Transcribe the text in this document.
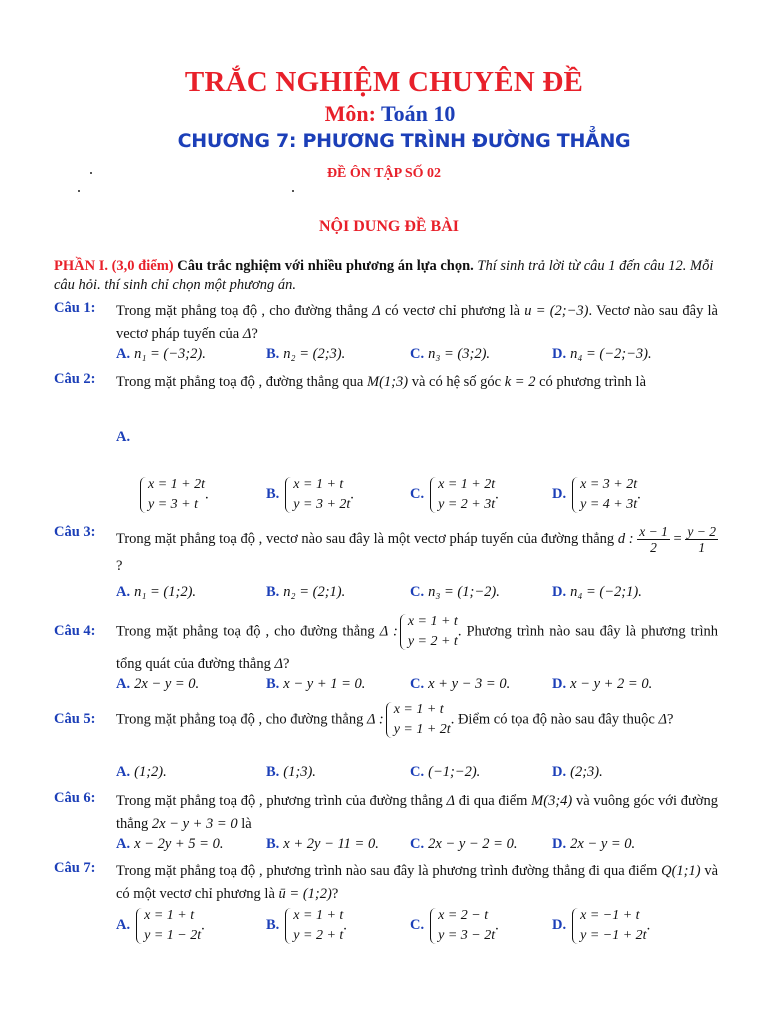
TRẮC NGHIỆM CHUYÊN ĐỀ
Môn: Toán 10
CHƯƠNG 7: PHƯƠNG TRÌNH ĐƯỜNG THẲNG
ĐỀ ÔN TẬP SỐ 02
NỘI DUNG ĐỀ BÀI
PHẦN I. (3,0 điểm) Câu trắc nghiệm với nhiều phương án lựa chọn. Thí sinh trả lời từ câu 1 đến câu 12. Mỗi câu hỏi. thí sinh chỉ chọn một phương án.
Câu 1: Trong mặt phẳng toạ độ , cho đường thẳng Δ có vectơ chỉ phương là u = (2;−3). Vectơ nào sau đây là vectơ pháp tuyến của Δ?
A. n₁ = (−3;2).	B. n₂ = (2;3).	C. n₃ = (3;2).	D. n₄ = (−2;−3).
Câu 2: Trong mặt phẳng toạ độ , đường thẳng qua M(1;3) và có hệ số góc k = 2 có phương trình là
A.
x = 1 + 2t
y = 3 + t
.	B.
x = 1 + t
y = 3 + 2t
.	C.
x = 1 + 2t
y = 2 + 3t
.	D.
x = 3 + 2t
y = 4 + 3t
.
Câu 3: Trong mặt phẳng toạ độ , vectơ nào sau đây là một vectơ pháp tuyến của đường thẳng d : $\frac{x - 1}{2} = \frac{y - 2}{1}$
?
A. n₁ = (1;2).	B. n₂ = (2;1).	C. n₃ = (1;−2).	D. n₄ = (−2;1).
Câu 4: Trong mặt phẳng toạ độ , cho đường thẳng Δ :
x = 1 + t
y = 2 + t
. Phương trình nào sau đây là phương trình tổng quát của đường thẳng Δ?
A. 2x − y = 0.	B. x − y + 1 = 0.	C. x + y − 3 = 0.	D. x − y + 2 = 0.
Câu 5: Trong mặt phẳng toạ độ , cho đường thẳng Δ :
x = 1 + t
y = 1 + 2t
. Điểm có tọa độ nào sau đây thuộc Δ?
A. (1;2).	B. (1;3).	C. (−1;−2).	D. (2;3).
Câu 6: Trong mặt phẳng toạ độ , phương trình của đường thẳng Δ đi qua điểm M(3;4) và vuông góc với đường thẳng 2x − y + 3 = 0 là
A. x − 2y + 5 = 0.	B. x + 2y − 11 = 0. C. 2x − y − 2 = 0. D. 2x − y = 0.
Câu 7: Trong mặt phẳng toạ độ , phương trình nào sau đây là phương trình đường thẳng đi qua điểm Q(1;1) và có một vectơ chỉ phương là ū = (1;2)?
A.
x = 1 + t
y = 1 − 2t
.	B.
x = 1 + t
y = 2 + t
.	C.
x = 2 − t
y = 3 − 2t
.	D.
x = −1 + t
y = −1 + 2t
.
